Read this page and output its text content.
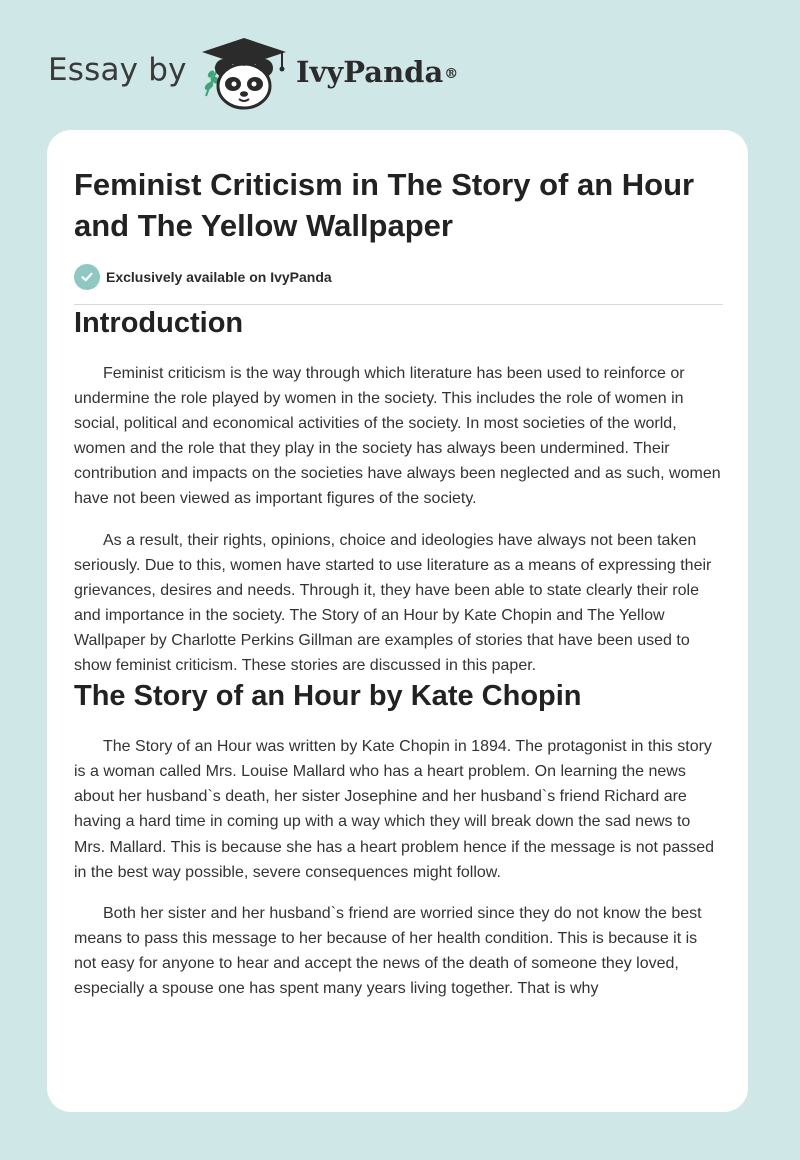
Essay by	IvyPanda®
Feminist Criticism in The Story of an Hour and The Yellow Wallpaper
Exclusively available on IvyPanda
Introduction

Feminist criticism is the way through which literature has been used to reinforce or undermine the role played by women in the society. This includes the role of women in social, political and economical activities of the society. In most societies of the world, women and the role that they play in the society has always been undermined. Their contribution and impacts on the societies have always been neglected and as such, women have not been viewed as important figures of the society.

As a result, their rights, opinions, choice and ideologies have always not been taken seriously. Due to this, women have started to use literature as a means of expressing their grievances, desires and needs. Through it, they have been able to state clearly their role and importance in the society. The Story of an Hour by Kate Chopin and The Yellow Wallpaper by Charlotte Perkins Gillman are examples of stories that have been used to show feminist criticism. These stories are discussed in this paper.

The Story of an Hour by Kate Chopin

The Story of an Hour was written by Kate Chopin in 1894. The protagonist in this story is a woman called Mrs. Louise Mallard who has a heart problem. On learning the news about her husband`s death, her sister Josephine and her husband`s friend Richard are having a hard time in coming up with a way which they will break down the sad news to Mrs. Mallard. This is because she has a heart problem hence if the message is not passed in the best way possible, severe consequences might follow.

Both her sister and her husband`s friend are worried since they do not know the best means to pass this message to her because of her health condition. This is because it is not easy for anyone to hear and accept the news of the death of someone they loved, especially a spouse one has spent many years living together. That is why
